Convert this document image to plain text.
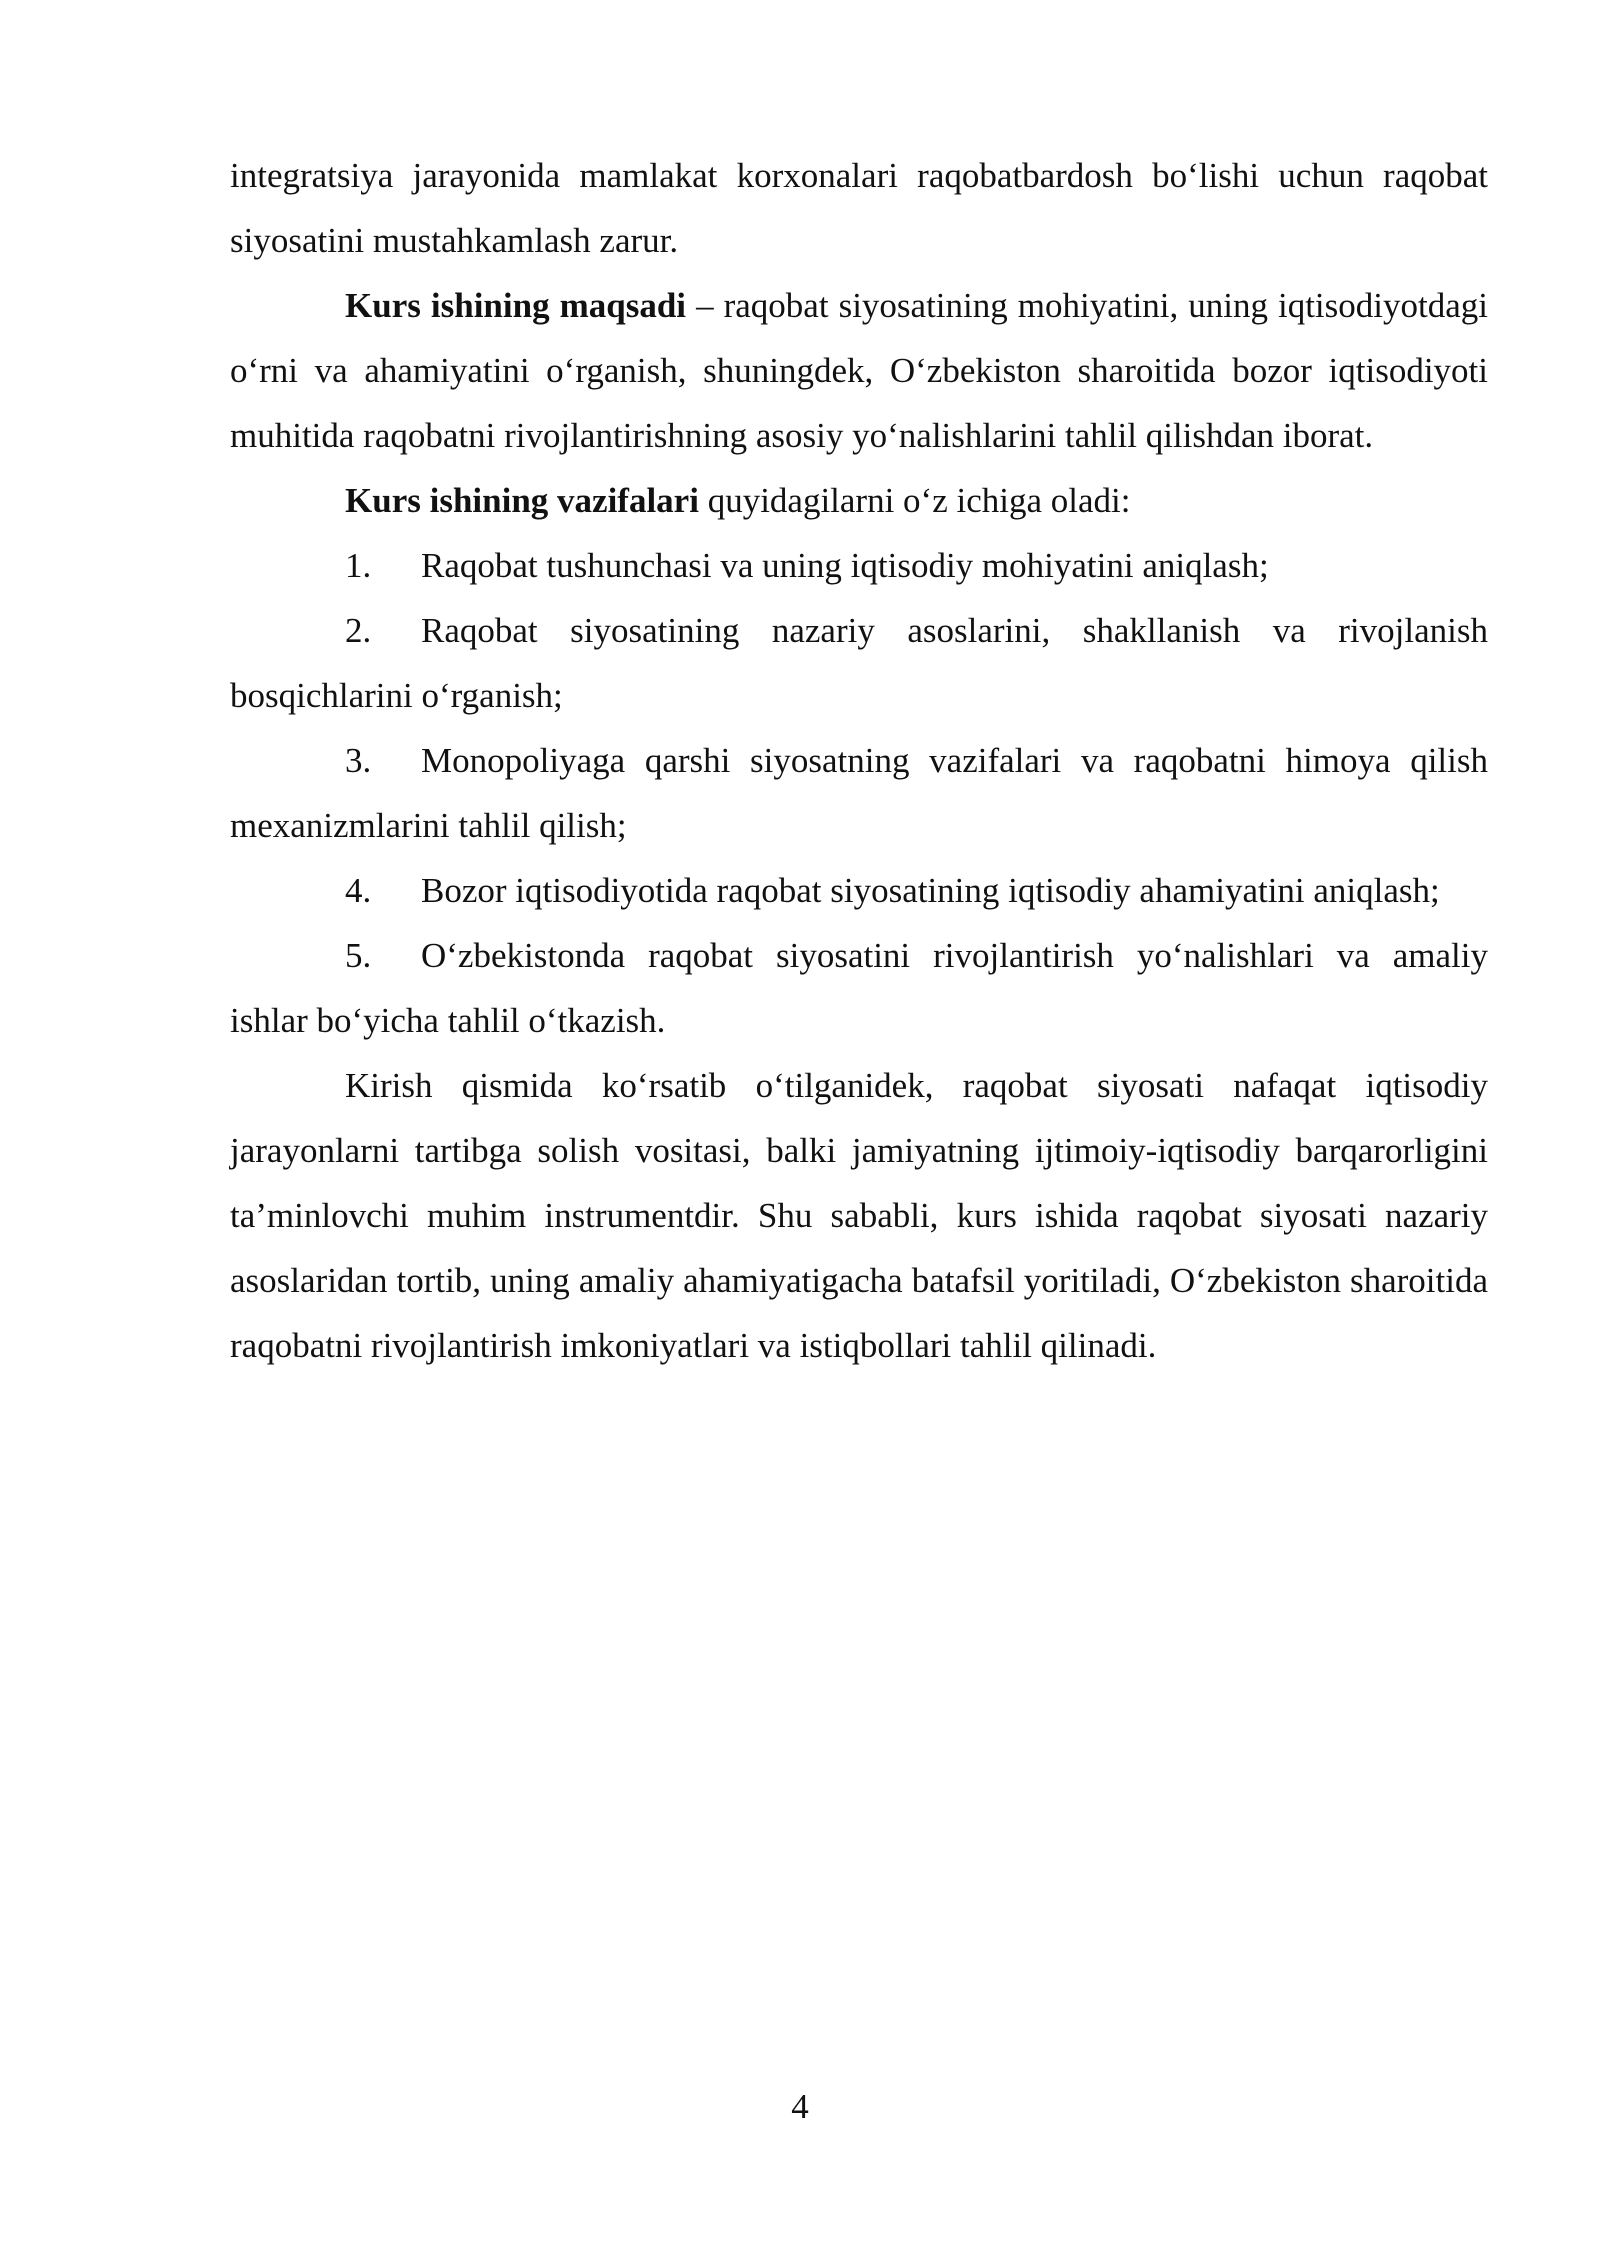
integratsiya jarayonida mamlakat korxonalari raqobatbardosh bo‘lishi uchun raqobat siyosatini mustahkamlash zarur.

Kurs ishining maqsadi – raqobat siyosatining mohiyatini, uning iqtisodiyotdagi o‘rni va ahamiyatini o‘rganish, shuningdek, O‘zbekiston sharoitida bozor iqtisodiyoti muhitida raqobatni rivojlantirishning asosiy yo‘nalishlarini tahlil qilishdan iborat.

Kurs ishining vazifalari quyidagilarni o‘z ichiga oladi:

1. Raqobat tushunchasi va uning iqtisodiy mohiyatini aniqlash;

2. Raqobat siyosatining nazariy asoslarini, shakllanish va rivojlanish bosqichlarini o‘rganish;

3. Monopoliyaga qarshi siyosatning vazifalari va raqobatni himoya qilish mexanizmlarini tahlil qilish;

4. Bozor iqtisodiyotida raqobat siyosatining iqtisodiy ahamiyatini aniqlash;

5. O‘zbekistonda raqobat siyosatini rivojlantirish yo‘nalishlari va amaliy ishlar bo‘yicha tahlil o‘tkazish.

Kirish qismida ko‘rsatib o‘tilganidek, raqobat siyosati nafaqat iqtisodiy jarayonlarni tartibga solish vositasi, balki jamiyatning ijtimoiy-iqtisodiy barqarorligini ta’minlovchi muhim instrumentdir. Shu sababli, kurs ishida raqobat siyosati nazariy asoslaridan tortib, uning amaliy ahamiyatigacha batafsil yoritiladi, O‘zbekiston sharoitida raqobatni rivojlantirish imkoniyatlari va istiqbollari tahlil qilinadi.

4
